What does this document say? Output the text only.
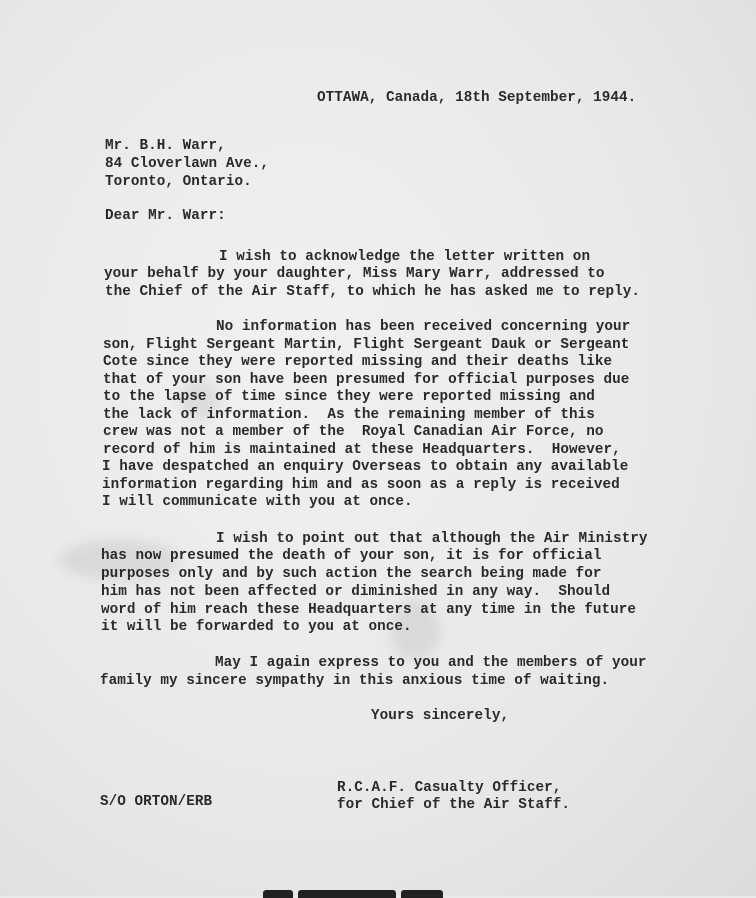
OTTAWA, Canada, 18th September, 1944.
Mr. B.H. Warr,
84 Cloverlawn Ave.,
Toronto, Ontario.
Dear Mr. Warr:
I wish to acknowledge the letter written on
your behalf by your daughter, Miss Mary Warr, addressed to
the Chief of the Air Staff, to which he has asked me to reply.
No information has been received concerning your
son, Flight Sergeant Martin, Flight Sergeant Dauk or Sergeant
Cote since they were reported missing and their deaths like
that of your son have been presumed for official purposes due
to the lapse of time since they were reported missing and
the lack of information.  As the remaining member of this
crew was not a member of the  Royal Canadian Air Force, no
record of him is maintained at these Headquarters.  However,
I have despatched an enquiry Overseas to obtain any available
information regarding him and as soon as a reply is received
I will communicate with you at once.
I wish to point out that although the Air Ministry
has now presumed the death of your son, it is for official
purposes only and by such action the search being made for
him has not been affected or diminished in any way.  Should
word of him reach these Headquarters at any time in the future
it will be forwarded to you at once.
May I again express to you and the members of your
family my sincere sympathy in this anxious time of waiting.
Yours sincerely,
R.C.A.F. Casualty Officer,
for Chief of the Air Staff.
S/O ORTON/ERB
